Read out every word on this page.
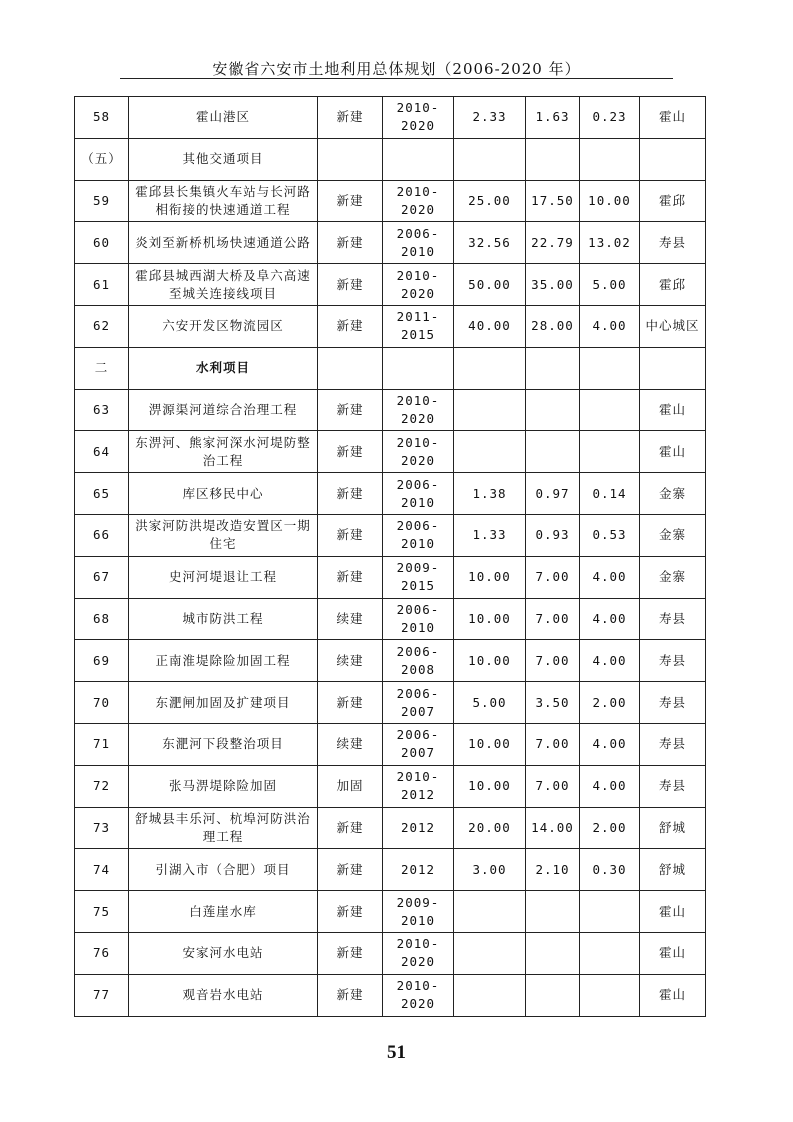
安徽省六安市土地利用总体规划（2006-2020 年）
58	霍山港区	新建	2010-2020	2.33	1.63	0.23	霍山
（五）	其他交通项目						
59	霍邱县长集镇火车站与长河路相衔接的快速通道工程	新建	2010-2020	25.00	17.50	10.00	霍邱
60	炎刘至新桥机场快速通道公路	新建	2006-2010	32.56	22.79	13.02	寿县
61	霍邱县城西湖大桥及阜六高速至城关连接线项目	新建	2010-2020	50.00	35.00	5.00	霍邱
62	六安开发区物流园区	新建	2011-2015	40.00	28.00	4.00	中心城区
二	水利项目						
63	淠源渠河道综合治理工程	新建	2010-2020				霍山
64	东淠河、熊家河深水河堤防整治工程	新建	2010-2020				霍山
65	库区移民中心	新建	2006-2010	1.38	0.97	0.14	金寨
66	洪家河防洪堤改造安置区一期住宅	新建	2006-2010	1.33	0.93	0.53	金寨
67	史河河堤退让工程	新建	2009-2015	10.00	7.00	4.00	金寨
68	城市防洪工程	续建	2006-2010	10.00	7.00	4.00	寿县
69	正南淮堤除险加固工程	续建	2006-2008	10.00	7.00	4.00	寿县
70	东淝闸加固及扩建项目	新建	2006-2007	5.00	3.50	2.00	寿县
71	东淝河下段整治项目	续建	2006-2007	10.00	7.00	4.00	寿县
72	张马淠堤除险加固	加固	2010-2012	10.00	7.00	4.00	寿县
73	舒城县丰乐河、杭埠河防洪治理工程	新建	2012	20.00	14.00	2.00	舒城
74	引湖入市（合肥）项目	新建	2012	3.00	2.10	0.30	舒城
75	白莲崖水库	新建	2009-2010				霍山
76	安家河水电站	新建	2010-2020				霍山
77	观音岩水电站	新建	2010-2020				霍山
51
